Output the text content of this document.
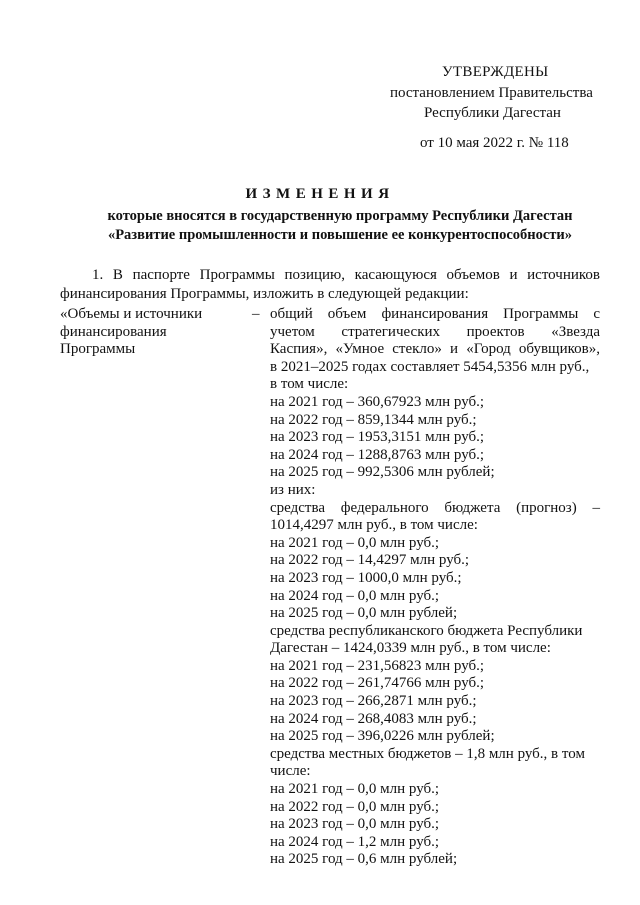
УТВЕРЖДЕНЫ
постановлением Правительства
Республики Дагестан
от 10 мая 2022 г. № 118
ИЗМЕНЕНИЯ
которые вносятся в государственную программу Республики Дагестан
«Развитие промышленности и повышение ее конкурентоспособности»
1. В паспорте Программы позицию, касающуюся объемов и источников
финансирования Программы, изложить в следующей редакции:
«Объемы и источники
финансирования
Программы
– общий объем финансирования Программы с
учетом стратегических проектов «Звезда
Каспия», «Умное стекло» и «Город обувщиков»,
в 2021–2025 годах составляет 5454,5356 млн руб.,
в том числе:
на 2021 год – 360,67923 млн руб.;
на 2022 год – 859,1344 млн руб.;
на 2023 год – 1953,3151 млн руб.;
на 2024 год – 1288,8763 млн руб.;
на 2025 год – 992,5306 млн рублей;
из них:
средства федерального бюджета (прогноз) –
1014,4297 млн руб., в том числе:
на 2021 год – 0,0 млн руб.;
на 2022 год – 14,4297 млн руб.;
на 2023 год – 1000,0 млн руб.;
на 2024 год – 0,0 млн руб.;
на 2025 год – 0,0 млн рублей;
средства республиканского бюджета Республики
Дагестан – 1424,0339 млн руб., в том числе:
на 2021 год – 231,56823 млн руб.;
на 2022 год – 261,74766 млн руб.;
на 2023 год – 266,2871 млн руб.;
на 2024 год – 268,4083 млн руб.;
на 2025 год – 396,0226 млн рублей;
средства местных бюджетов – 1,8 млн руб., в том
числе:
на 2021 год – 0,0 млн руб.;
на 2022 год – 0,0 млн руб.;
на 2023 год – 0,0 млн руб.;
на 2024 год – 1,2 млн руб.;
на 2025 год – 0,6 млн рублей;
